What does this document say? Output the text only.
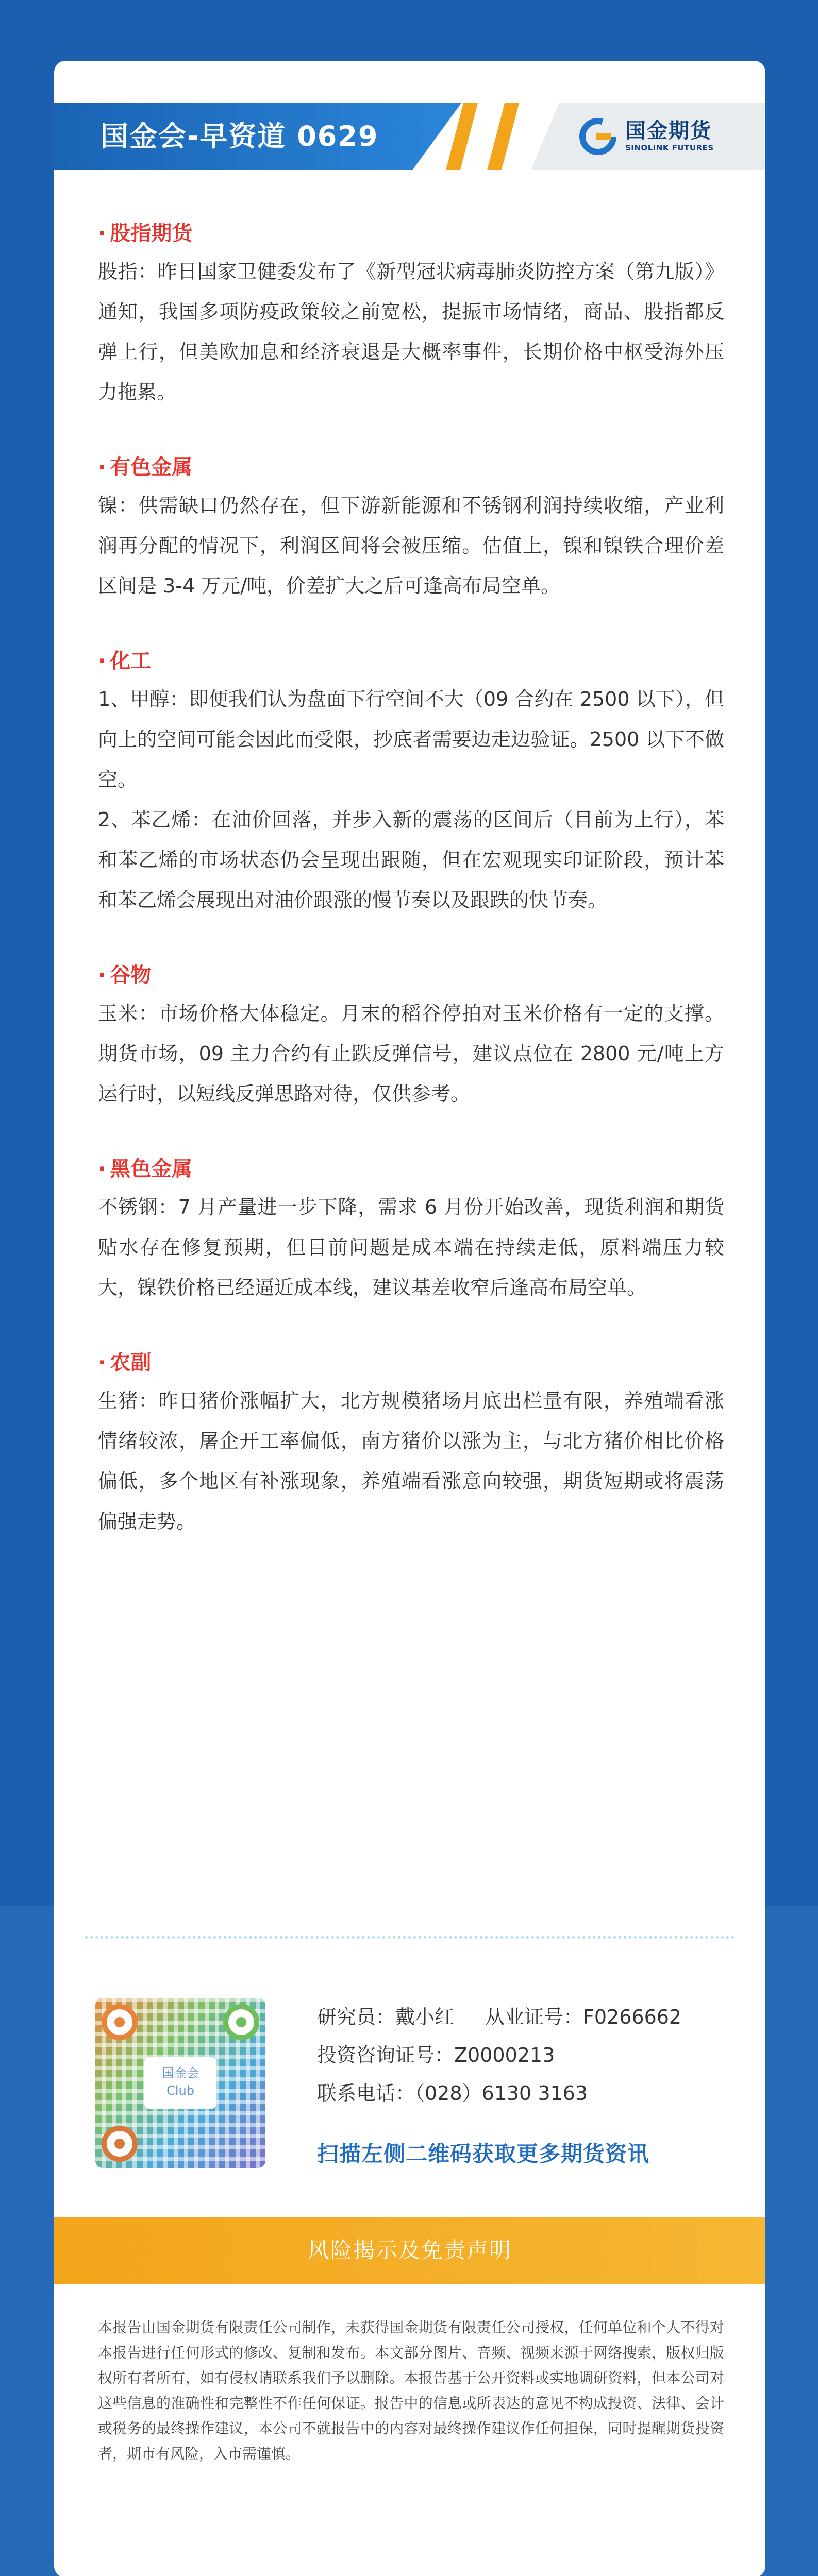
国金会-早资道 0629	国金期货
SINOLINK FUTURES
· 股指期货

股指：昨日国家卫健委发布了《新型冠状病毒肺炎防控方案（第九版）》通知，我国多项防疫政策较之前宽松，提振市场情绪，商品、股指都反弹上行，但美欧加息和经济衰退是大概率事件，长期价格中枢受海外压力拖累。

· 有色金属

镍：供需缺口仍然存在，但下游新能源和不锈钢利润持续收缩，产业利润再分配的情况下，利润区间将会被压缩。估值上，镍和镍铁合理价差区间是 3-4 万元/吨，价差扩大之后可逢高布局空单。

· 化工

1、甲醇：即便我们认为盘面下行空间不大（09 合约在 2500 以下），但向上的空间可能会因此而受限，抄底者需要边走边验证。2500 以下不做空。

2、苯乙烯：在油价回落，并步入新的震荡的区间后（目前为上行），苯和苯乙烯的市场状态仍会呈现出跟随，但在宏观现实印证阶段，预计苯和苯乙烯会展现出对油价跟涨的慢节奏以及跟跌的快节奏。

· 谷物

玉米：市场价格大体稳定。月末的稻谷停拍对玉米价格有一定的支撑。期货市场，09 主力合约有止跌反弹信号，建议点位在 2800 元/吨上方运行时，以短线反弹思路对待，仅供参考。

· 黑色金属

不锈钢：7 月产量进一步下降，需求 6 月份开始改善，现货利润和期货贴水存在修复预期，但目前问题是成本端在持续走低，原料端压力较大，镍铁价格已经逼近成本线，建议基差收窄后逢高布局空单。

· 农副

生猪：昨日猪价涨幅扩大，北方规模猪场月底出栏量有限，养殖端看涨情绪较浓，屠企开工率偏低，南方猪价以涨为主，与北方猪价相比价格偏低，多个地区有补涨现象，养殖端看涨意向较强，期货短期或将震荡偏强走势。

国金会
Club
研究员：戴小红 从业证号：F0266662
投资咨询证号：Z0000213
联系电话：（028）6130 3163
扫描左侧二维码获取更多期货资讯
风险揭示及免责声明

本报告由国金期货有限责任公司制作，未获得国金期货有限责任公司授权，任何单位和个人不得对本报告进行任何形式的修改、复制和发布。本文部分图片、音频、视频来源于网络搜索，版权归版权所有者所有，如有侵权请联系我们予以删除。本报告基于公开资料或实地调研资料，但本公司对这些信息的准确性和完整性不作任何保证。报告中的信息或所表达的意见不构成投资、法律、会计或税务的最终操作建议，本公司不就报告中的内容对最终操作建议作任何担保，同时提醒期货投资者，期市有风险，入市需谨慎。
